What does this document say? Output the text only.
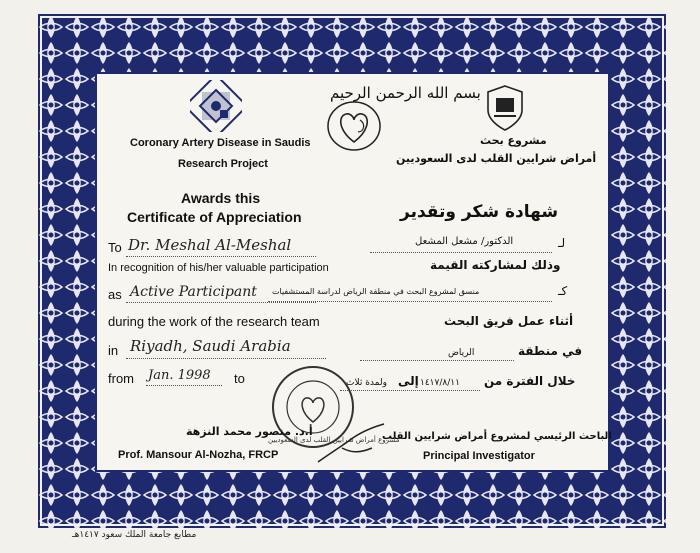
بسم الله الرحمن الرحيم
Coronary Artery Disease in Saudis
Research Project
مشروع بحث
أمراض شرايين القلب لدى السعوديين
Awards this
Certificate of Appreciation	شهادة شكر وتقدير
To Dr. Meshal Al-Meshal
In recognition of his/her valuable participation
as Active Participant
during the work of the research team
in Riyadh, Saudi Arabia
from Jan. 1998 to
لـ
الدكتور/ مشعل المشعل
وذلك لمشاركته القيمة
كـ
منسق لمشروع البحث في منطقة الرياض لدراسة المستشفيات
أثناء عمل فريق البحث
في منطقة
الرياض
خلال الفترة من
١٤١٧/٨/١١
إلى
ولمدة ثلاث
مشروع أمراض شرايين القلب لدى السعوديين
أ.د. منصور محمد النزهة
Prof. Mansour Al-Nozha, FRCP
الباحث الرئيسي لمشروع أمراض شرايين القلب
Principal Investigator
مطابع جامعة الملك سعود ١٤١٧هـ
